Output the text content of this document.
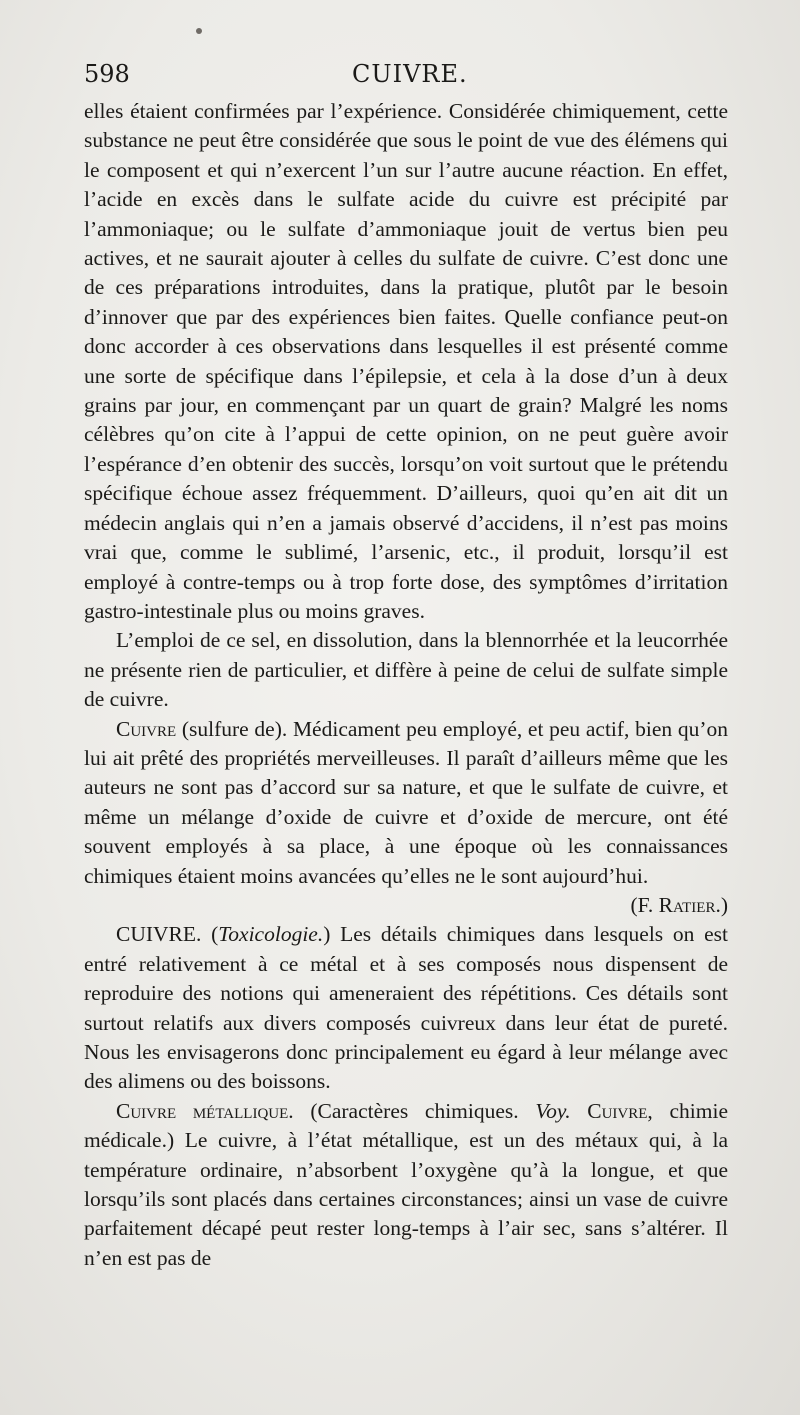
598	CUIVRE.

elles étaient confirmées par l’expérience. Considérée chimiquement, cette substance ne peut être considérée que sous le point de vue des élémens qui le composent et qui n’exercent l’un sur l’autre aucune réaction. En effet, l’acide en excès dans le sulfate acide du cuivre est précipité par l’ammoniaque; ou le sulfate d’ammoniaque jouit de vertus bien peu actives, et ne saurait ajouter à celles du sulfate de cuivre. C’est donc une de ces préparations introduites, dans la pratique, plutôt par le besoin d’innover que par des expériences bien faites. Quelle confiance peut-on donc accorder à ces observations dans lesquelles il est présenté comme une sorte de spécifique dans l’épilepsie, et cela à la dose d’un à deux grains par jour, en commençant par un quart de grain? Malgré les noms célèbres qu’on cite à l’appui de cette opinion, on ne peut guère avoir l’espérance d’en obtenir des succès, lorsqu’on voit surtout que le prétendu spécifique échoue assez fréquemment. D’ailleurs, quoi qu’en ait dit un médecin anglais qui n’en a jamais observé d’accidens, il n’est pas moins vrai que, comme le sublimé, l’arsenic, etc., il produit, lorsqu’il est employé à contre-temps ou à trop forte dose, des symptômes d’irritation gastro-intestinale plus ou moins graves.

L’emploi de ce sel, en dissolution, dans la blennorrhée et la leucorrhée ne présente rien de particulier, et diffère à peine de celui de sulfate simple de cuivre.

Cuivre (sulfure de). Médicament peu employé, et peu actif, bien qu’on lui ait prêté des propriétés merveilleuses. Il paraît d’ailleurs même que les auteurs ne sont pas d’accord sur sa nature, et que le sulfate de cuivre, et même un mélange d’oxide de cuivre et d’oxide de mercure, ont été souvent employés à sa place, à une époque où les connaissances chimiques étaient moins avancées qu’elles ne le sont aujourd’hui.
(F. Ratier.)

CUIVRE. (Toxicologie.) Les détails chimiques dans lesquels on est entré relativement à ce métal et à ses composés nous dispensent de reproduire des notions qui ameneraient des répétitions. Ces détails sont surtout relatifs aux divers composés cuivreux dans leur état de pureté. Nous les envisagerons donc principalement eu égard à leur mélange avec des alimens ou des boissons.

Cuivre métallique. (Caractères chimiques. Voy. Cuivre, chimie médicale.) Le cuivre, à l’état métallique, est un des métaux qui, à la température ordinaire, n’absorbent l’oxygène qu’à la longue, et que lorsqu’ils sont placés dans certaines circonstances; ainsi un vase de cuivre parfaitement décapé peut rester long-temps à l’air sec, sans s’altérer. Il n’en est pas de
